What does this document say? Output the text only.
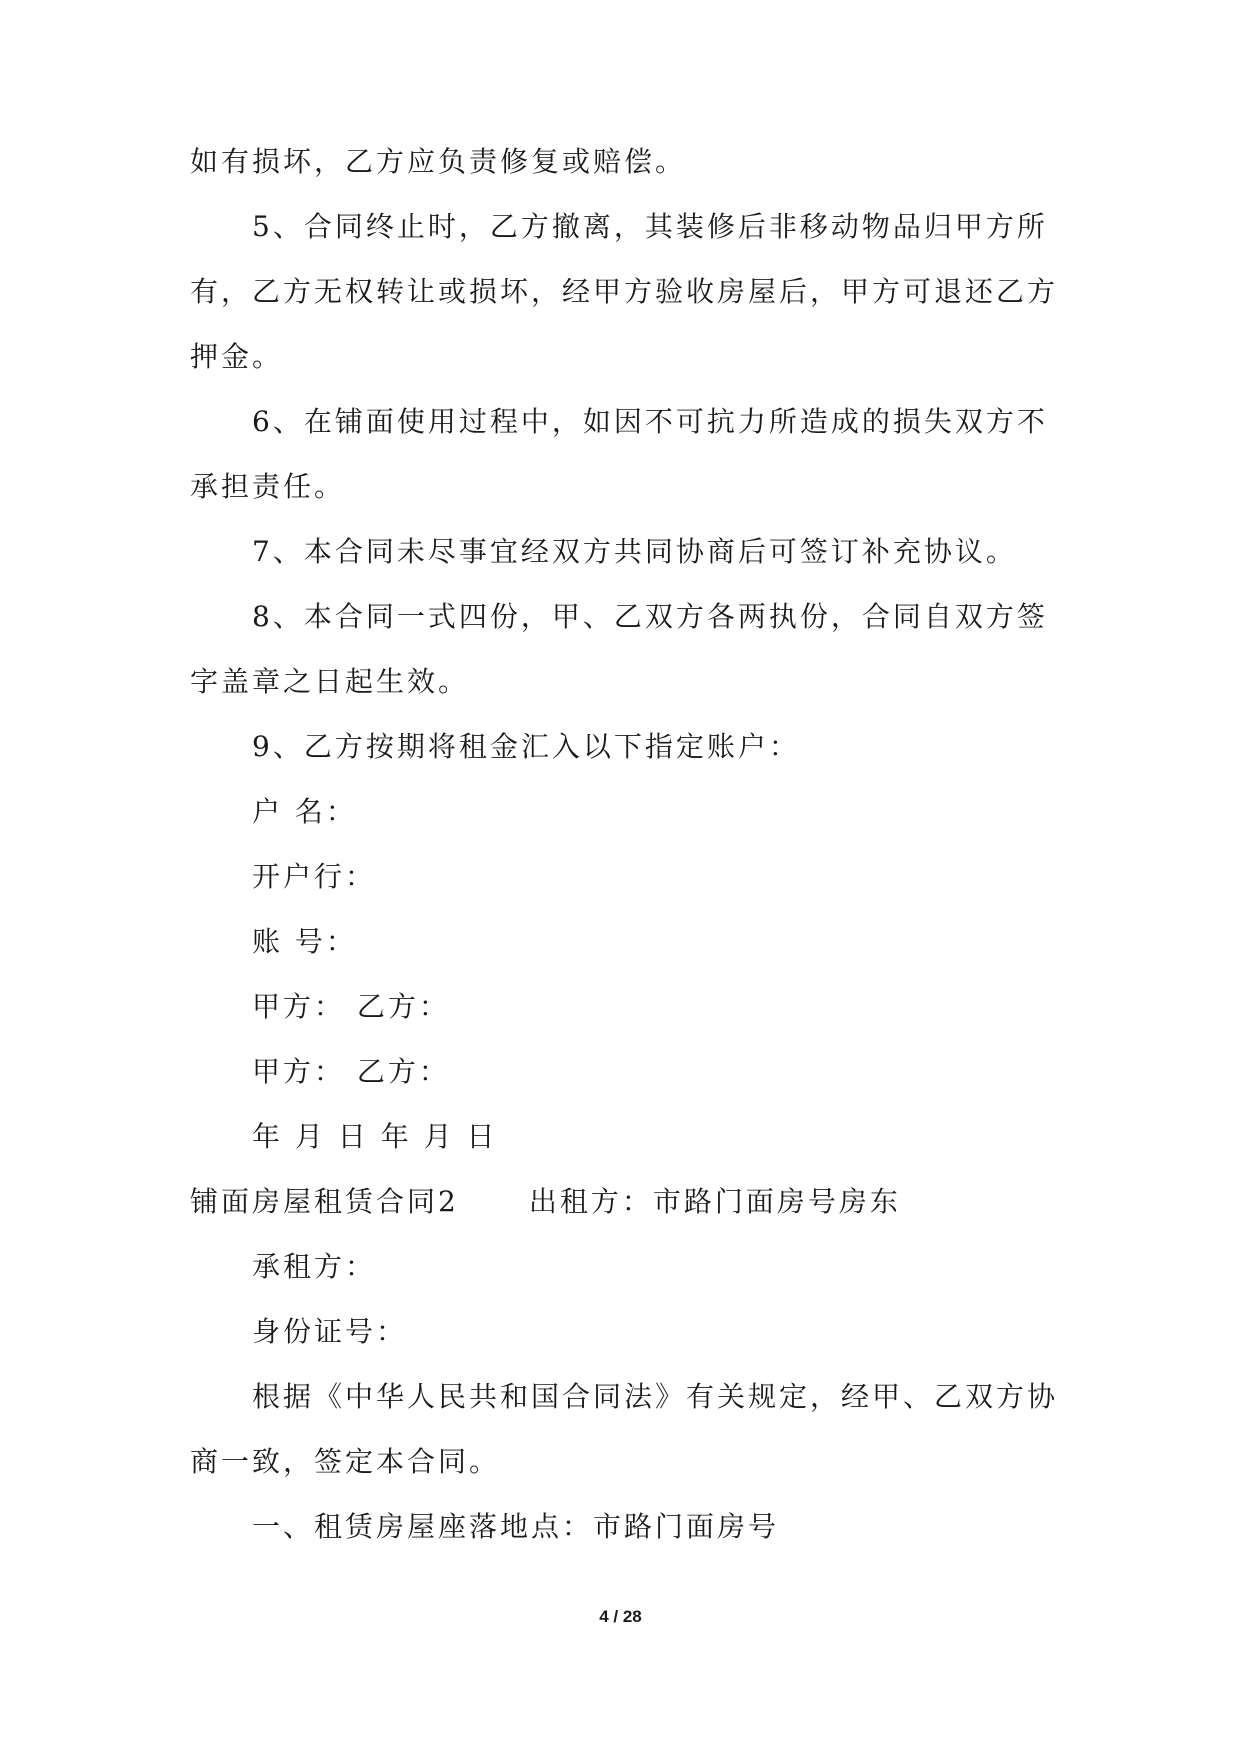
如有损坏，乙方应负责修复或赔偿。
5、合同终止时，乙方撤离，其装修后非移动物品归甲方所
有，乙方无权转让或损坏，经甲方验收房屋后，甲方可退还乙方
押金。
6、在铺面使用过程中，如因不可抗力所造成的损失双方不
承担责任。
7、本合同未尽事宜经双方共同协商后可签订补充协议。
8、本合同一式四份，甲、乙双方各两执份，合同自双方签
字盖章之日起生效。
9、乙方按期将租金汇入以下指定账户：
户 名：
开户行：
账 号：
甲方： 乙方：
甲方： 乙方：
年 月 日 年 月 日
铺面房屋租赁合同2	出租方：市路门面房号房东
承租方：
身份证号：
根据《中华人民共和国合同法》有关规定，经甲、乙双方协
商一致，签定本合同。
一、租赁房屋座落地点：市路门面房号
4 / 28
